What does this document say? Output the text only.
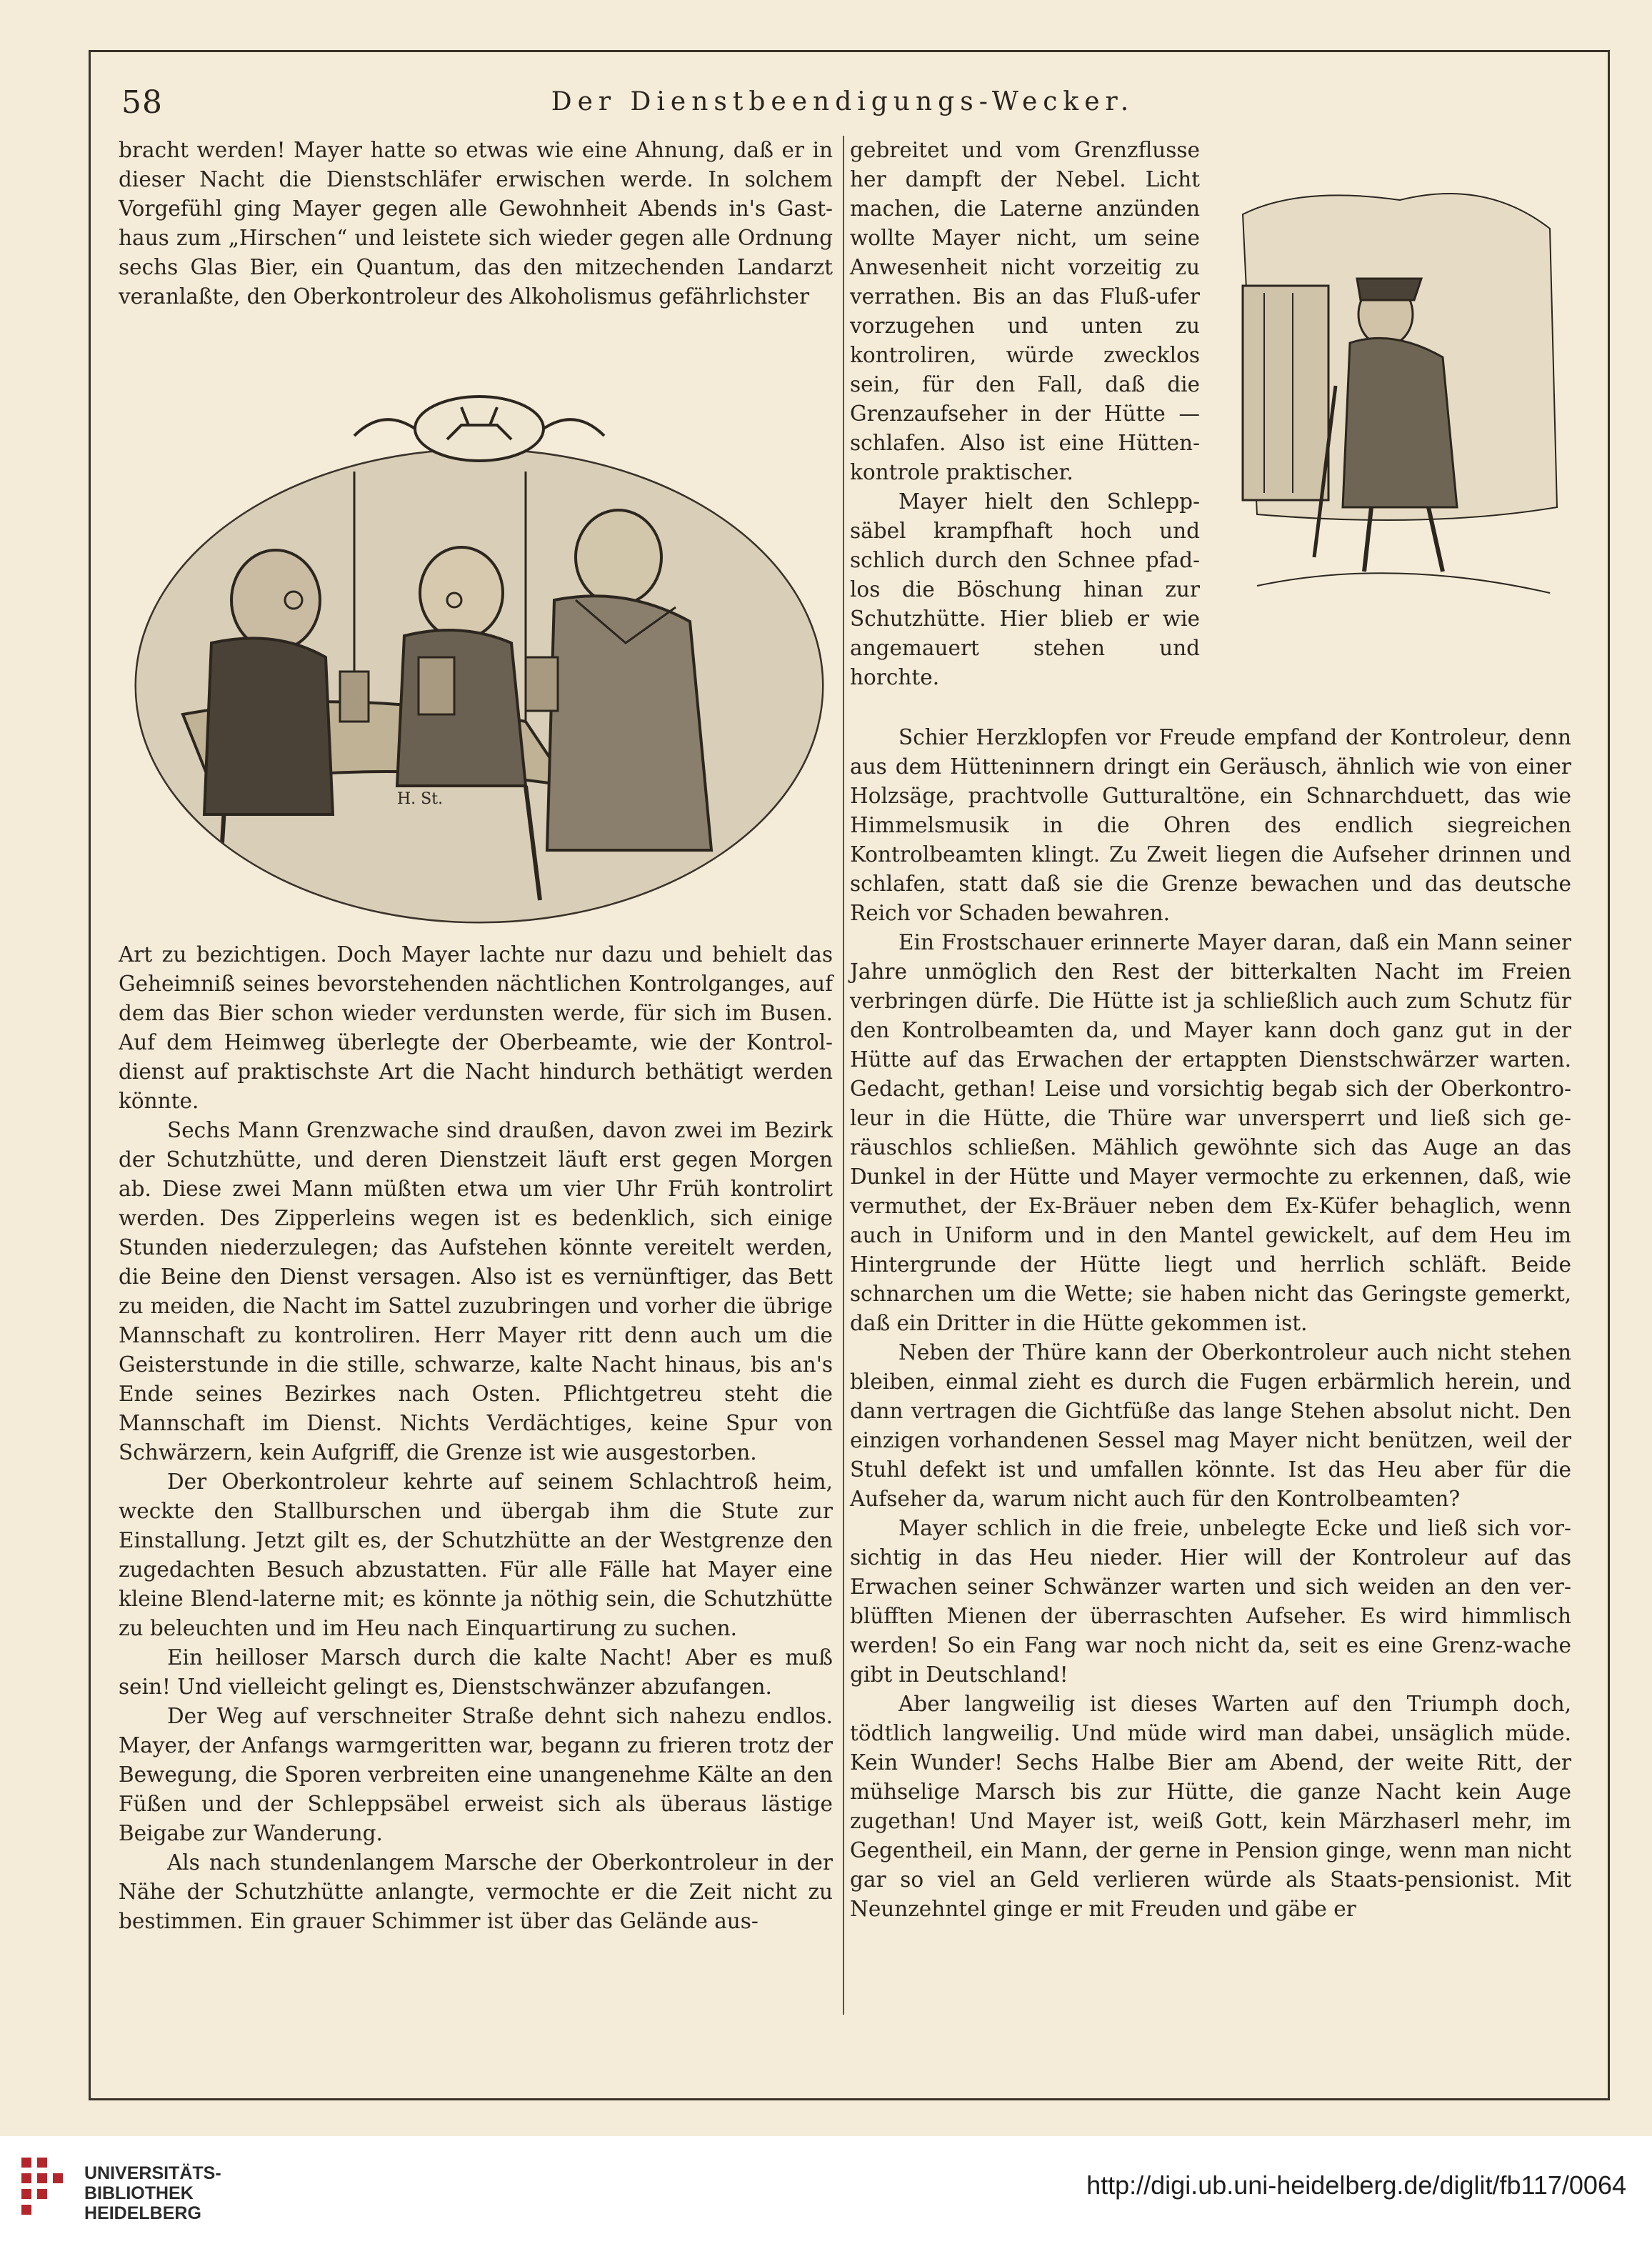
58	Der Dienstbeendigungs-Wecker.

bracht werden! Mayer hatte so etwas wie eine Ahnung, daß er in dieser Nacht die Dienstschläfer erwischen werde. In solchem Vorgefühl ging Mayer gegen alle Gewohnheit Abends in's Gast-haus zum „Hirschen“ und leistete sich wieder gegen alle Ordnung sechs Glas Bier, ein Quantum, das den mitzechenden Landarzt veranlaßte, den Oberkontroleur des Alkoholismus gefährlichster

H. St.

Art zu bezichtigen. Doch Mayer lachte nur dazu und behielt das Geheimniß seines bevorstehenden nächtlichen Kontrolganges, auf dem das Bier schon wieder verdunsten werde, für sich im Busen. Auf dem Heimweg überlegte der Oberbeamte, wie der Kontrol-dienst auf praktischste Art die Nacht hindurch bethätigt werden könnte.

Sechs Mann Grenzwache sind draußen, davon zwei im Bezirk der Schutzhütte, und deren Dienstzeit läuft erst gegen Morgen ab. Diese zwei Mann müßten etwa um vier Uhr Früh kontrolirt werden. Des Zipperleins wegen ist es bedenklich, sich einige Stunden niederzulegen; das Aufstehen könnte vereitelt werden, die Beine den Dienst versagen. Also ist es vernünftiger, das Bett zu meiden, die Nacht im Sattel zuzubringen und vorher die übrige Mannschaft zu kontroliren. Herr Mayer ritt denn auch um die Geisterstunde in die stille, schwarze, kalte Nacht hinaus, bis an's Ende seines Bezirkes nach Osten. Pflichtgetreu steht die Mannschaft im Dienst. Nichts Verdächtiges, keine Spur von Schwärzern, kein Aufgriff, die Grenze ist wie ausgestorben.

Der Oberkontroleur kehrte auf seinem Schlachtroß heim, weckte den Stallburschen und übergab ihm die Stute zur Einstallung. Jetzt gilt es, der Schutzhütte an der Westgrenze den zugedachten Besuch abzustatten. Für alle Fälle hat Mayer eine kleine Blend-laterne mit; es könnte ja nöthig sein, die Schutzhütte zu beleuchten und im Heu nach Einquartirung zu suchen.

Ein heilloser Marsch durch die kalte Nacht! Aber es muß sein! Und vielleicht gelingt es, Dienstschwänzer abzufangen.

Der Weg auf verschneiter Straße dehnt sich nahezu endlos. Mayer, der Anfangs warmgeritten war, begann zu frieren trotz der Bewegung, die Sporen verbreiten eine unangenehme Kälte an den Füßen und der Schleppsäbel erweist sich als überaus lästige Beigabe zur Wanderung.

Als nach stundenlangem Marsche der Oberkontroleur in der Nähe der Schutzhütte anlangte, vermochte er die Zeit nicht zu bestimmen. Ein grauer Schimmer ist über das Gelände aus-

gebreitet und vom Grenzflusse her dampft der Nebel. Licht machen, die Laterne anzünden wollte Mayer nicht, um seine Anwesenheit nicht vorzeitig zu verrathen. Bis an das Fluß-ufer vorzugehen und unten zu kontroliren, würde zwecklos sein, für den Fall, daß die Grenzaufseher in der Hütte — schlafen. Also ist eine Hütten-kontrole praktischer.

Mayer hielt den Schlepp-säbel krampfhaft hoch und schlich durch den Schnee pfad-los die Böschung hinan zur Schutzhütte. Hier blieb er wie angemauert stehen und horchte.

Schier Herzklopfen vor Freude empfand der Kontroleur, denn aus dem Hütteninnern dringt ein Geräusch, ähnlich wie von einer Holzsäge, prachtvolle Gutturaltöne, ein Schnarchduett, das wie Himmelsmusik in die Ohren des endlich siegreichen Kontrolbeamten klingt. Zu Zweit liegen die Aufseher drinnen und schlafen, statt daß sie die Grenze bewachen und das deutsche Reich vor Schaden bewahren.

Ein Frostschauer erinnerte Mayer daran, daß ein Mann seiner Jahre unmöglich den Rest der bitterkalten Nacht im Freien verbringen dürfe. Die Hütte ist ja schließlich auch zum Schutz für den Kontrolbeamten da, und Mayer kann doch ganz gut in der Hütte auf das Erwachen der ertappten Dienstschwärzer warten. Gedacht, gethan! Leise und vorsichtig begab sich der Oberkontro-leur in die Hütte, die Thüre war unversperrt und ließ sich ge-räuschlos schließen. Mählich gewöhnte sich das Auge an das Dunkel in der Hütte und Mayer vermochte zu erkennen, daß, wie vermuthet, der Ex-Bräuer neben dem Ex-Küfer behaglich, wenn auch in Uniform und in den Mantel gewickelt, auf dem Heu im Hintergrunde der Hütte liegt und herrlich schläft. Beide schnarchen um die Wette; sie haben nicht das Geringste gemerkt, daß ein Dritter in die Hütte gekommen ist.

Neben der Thüre kann der Oberkontroleur auch nicht stehen bleiben, einmal zieht es durch die Fugen erbärmlich herein, und dann vertragen die Gichtfüße das lange Stehen absolut nicht. Den einzigen vorhandenen Sessel mag Mayer nicht benützen, weil der Stuhl defekt ist und umfallen könnte. Ist das Heu aber für die Aufseher da, warum nicht auch für den Kontrolbeamten?

Mayer schlich in die freie, unbelegte Ecke und ließ sich vor-sichtig in das Heu nieder. Hier will der Kontroleur auf das Erwachen seiner Schwänzer warten und sich weiden an den ver-blüfften Mienen der überraschten Aufseher. Es wird himmlisch werden! So ein Fang war noch nicht da, seit es eine Grenz-wache gibt in Deutschland!

Aber langweilig ist dieses Warten auf den Triumph doch, tödtlich langweilig. Und müde wird man dabei, unsäglich müde. Kein Wunder! Sechs Halbe Bier am Abend, der weite Ritt, der mühselige Marsch bis zur Hütte, die ganze Nacht kein Auge zugethan! Und Mayer ist, weiß Gott, kein Märzhaserl mehr, im Gegentheil, ein Mann, der gerne in Pension ginge, wenn man nicht gar so viel an Geld verlieren würde als Staats-pensionist. Mit Neunzehntel ginge er mit Freuden und gäbe er

UNIVERSITÄTS-
BIBLIOTHEK
HEIDELBERG
http://digi.ub.uni-heidelberg.de/diglit/fb117/0064
